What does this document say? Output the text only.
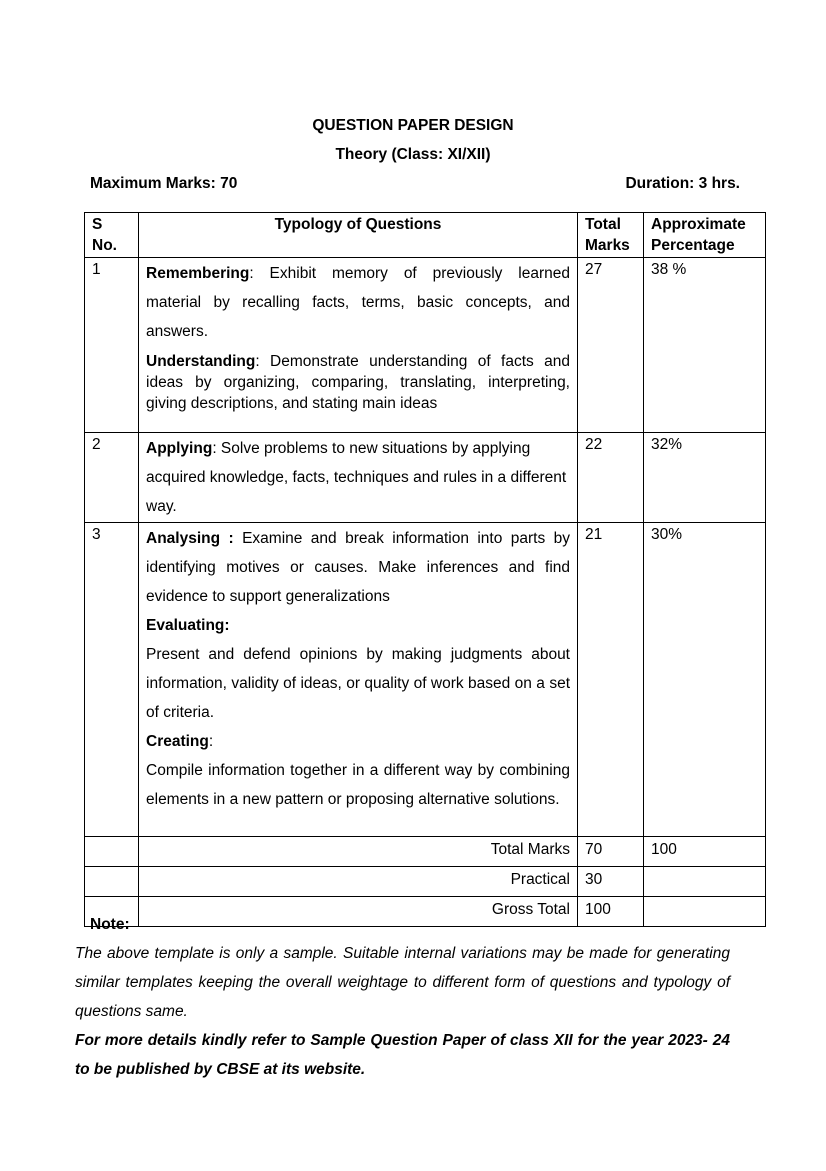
QUESTION PAPER DESIGN
Theory (Class: XI/XII)
Maximum Marks: 70	Duration: 3 hrs.
S No.	Typology of Questions	Total Marks	Approximate Percentage
1	Remembering: Exhibit memory of previously learned material by recalling facts, terms, basic concepts, and answers.

Understanding: Demonstrate understanding of facts and ideas by organizing, comparing, translating, interpreting, giving descriptions, and stating main ideas	27	38 %
2	Applying: Solve problems to new situations by applying acquired knowledge, facts, techniques and rules in a different way.	22	32%
3	Analysing : Examine and break information into parts by identifying motives or causes. Make inferences and find evidence to support generalizations

Evaluating:

Present and defend opinions by making judgments about information, validity of ideas, or quality of work based on a set of criteria.

Creating:

Compile information together in a different way by combining elements in a new pattern or proposing alternative solutions.	21	30%
	Total Marks	70	100
	Practical	30	
	Gross Total	100	
Note:
The above template is only a sample. Suitable internal variations may be made for generating similar templates keeping the overall weightage to different form of questions and typology of questions same.
For more details kindly refer to Sample Question Paper of class XII for the year 2023- 24 to be published by CBSE at its website.
